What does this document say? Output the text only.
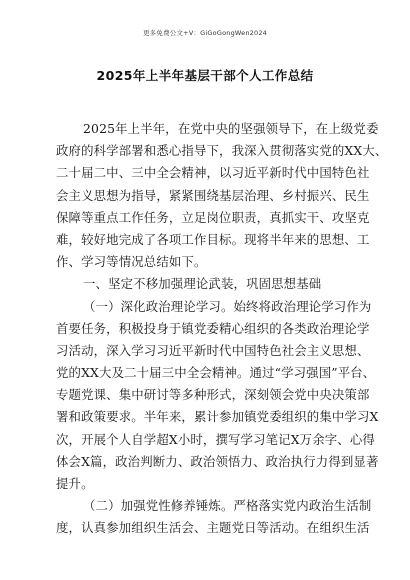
更多免费公文+V：GiGoGongWen2024
2025年上半年基层干部个人工作总结
2025年上半年，在党中央的坚强领导下，在上级党委
政府的科学部署和悉心指导下，我深入贯彻落实党的XX大、
二十届二中、三中全会精神，以习近平新时代中国特色社
会主义思想为指导，紧紧围绕基层治理、乡村振兴、民生
保障等重点工作任务，立足岗位职责，真抓实干、攻坚克
难，较好地完成了各项工作目标。现将半年来的思想、工
作、学习等情况总结如下。
一、坚定不移加强理论武装，巩固思想基础
（一）深化政治理论学习。始终将政治理论学习作为
首要任务，积极投身于镇党委精心组织的各类政治理论学
习活动，深入学习习近平新时代中国特色社会主义思想、
党的XX大及二十届三中全会精神。通过“学习强国”平台、
专题党课、集中研讨等多种形式，深刻领会党中央决策部
署和政策要求。半年来，累计参加镇党委组织的集中学习X
次，开展个人自学超X小时，撰写学习笔记X万余字、心得
体会X篇，政治判断力、政治领悟力、政治执行力得到显著
提升。
（二）加强党性修养锤炼。严格落实党内政治生活制
度，认真参加组织生活会、主题党日等活动。在组织生活
